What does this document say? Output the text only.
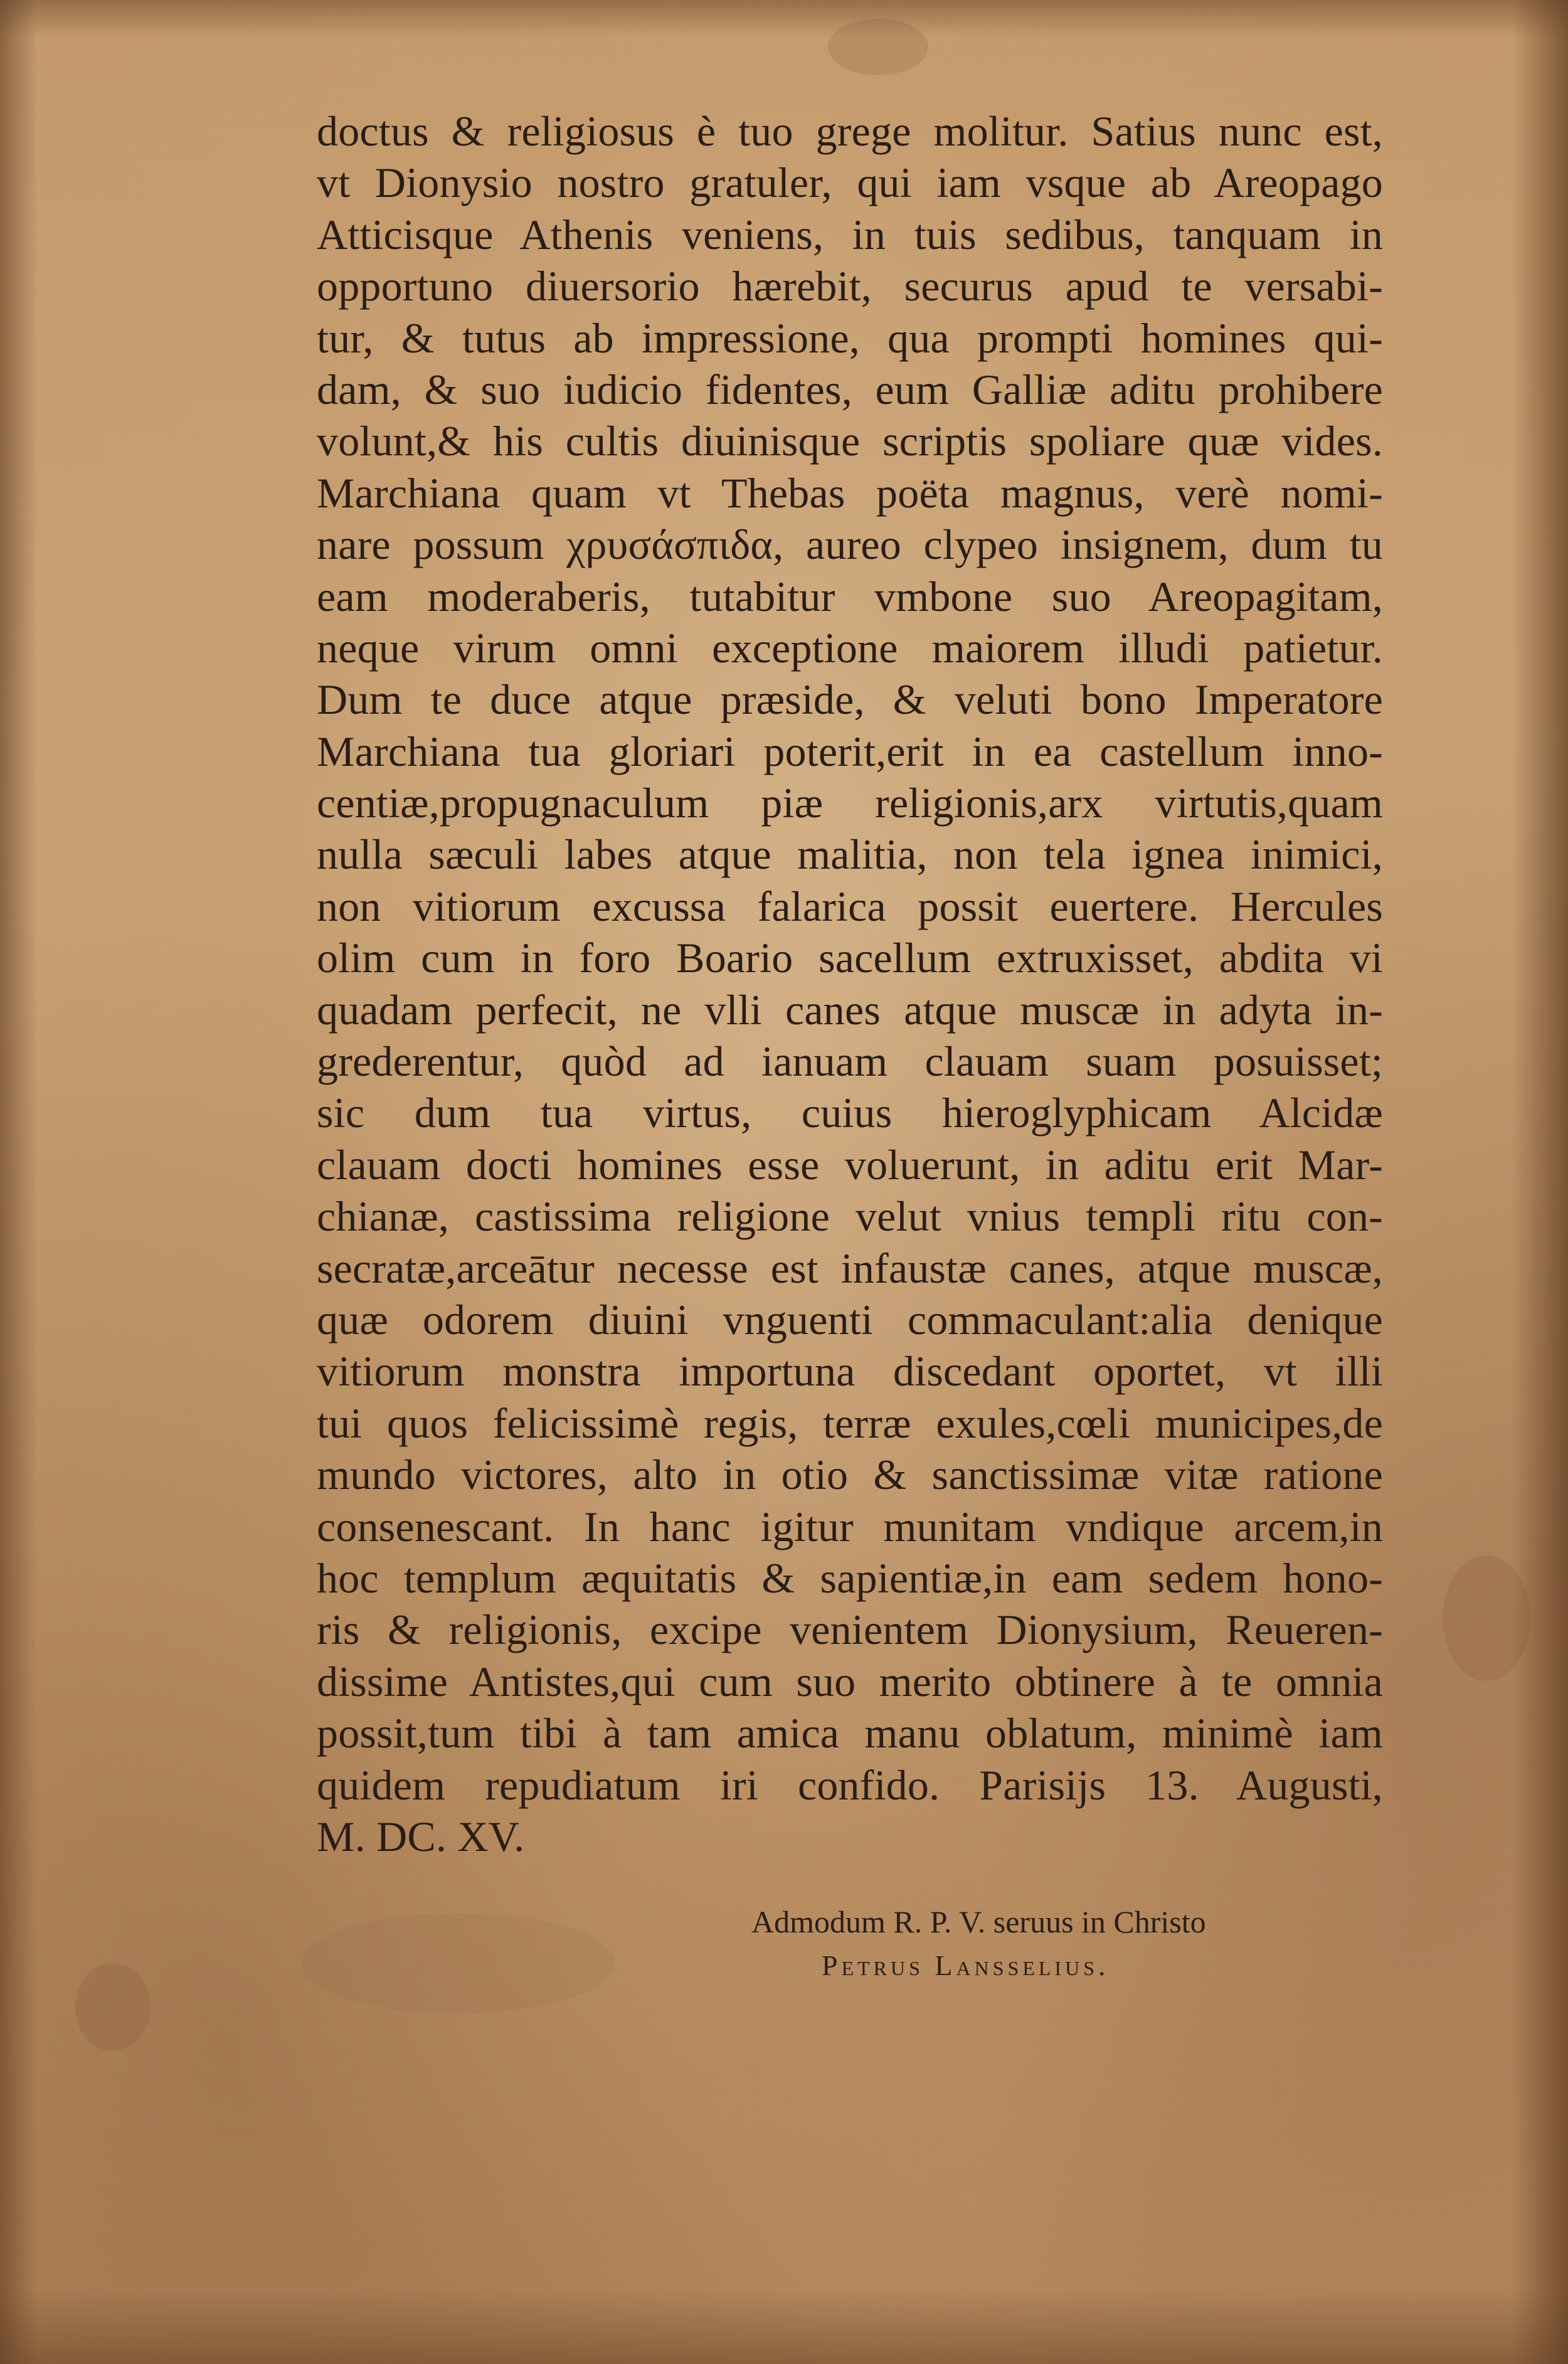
doctus & religiosus è tuo grege molitur. Satius nunc est,
vt Dionysio nostro gratuler, qui iam vsque ab Areopago
Atticisque Athenis veniens, in tuis sedibus, tanquam in
opportuno diuersorio hærebit, securus apud te versabi-
tur, & tutus ab impressione, qua prompti homines qui-
dam, & suo iudicio fidentes, eum Galliæ aditu prohibere
volunt,& his cultis diuinisque scriptis spoliare quæ vides.
Marchiana quam vt Thebas poëta magnus, verè nomi-
nare possum χρυσάσπιδα, aureo clypeo insignem, dum tu
eam moderaberis, tutabitur vmbone suo Areopagitam,
neque virum omni exceptione maiorem illudi patietur.
Dum te duce atque præside, & veluti bono Imperatore
Marchiana tua gloriari poterit,erit in ea castellum inno-
centiæ,propugnaculum piæ religionis,arx virtutis,quam
nulla sæculi labes atque malitia, non tela ignea inimici,
non vitiorum excussa falarica possit euertere. Hercules
olim cum in foro Boario sacellum extruxisset, abdita vi
quadam perfecit, ne vlli canes atque muscæ in adyta in-
grederentur, quòd ad ianuam clauam suam posuisset;
sic dum tua virtus, cuius hieroglyphicam Alcidæ
clauam docti homines esse voluerunt, in aditu erit Mar-
chianæ, castissima religione velut vnius templi ritu con-
secratæ,arceātur necesse est infaustæ canes, atque muscæ,
quæ odorem diuini vnguenti commaculant:alia denique
vitiorum monstra importuna discedant oportet, vt illi
tui quos felicissimè regis, terræ exules,cœli municipes,de
mundo victores, alto in otio & sanctissimæ vitæ ratione
consenescant. In hanc igitur munitam vndique arcem,in
hoc templum æquitatis & sapientiæ,in eam sedem hono-
ris & religionis, excipe venientem Dionysium, Reueren-
dissime Antistes,qui cum suo merito obtinere à te omnia
possit,tum tibi à tam amica manu oblatum, minimè iam
quidem repudiatum iri confido. Parisijs 13. Augusti,
M. DC. XV.
Admodum R. P. V. seruus in Christo
Petrus Lansselius.
